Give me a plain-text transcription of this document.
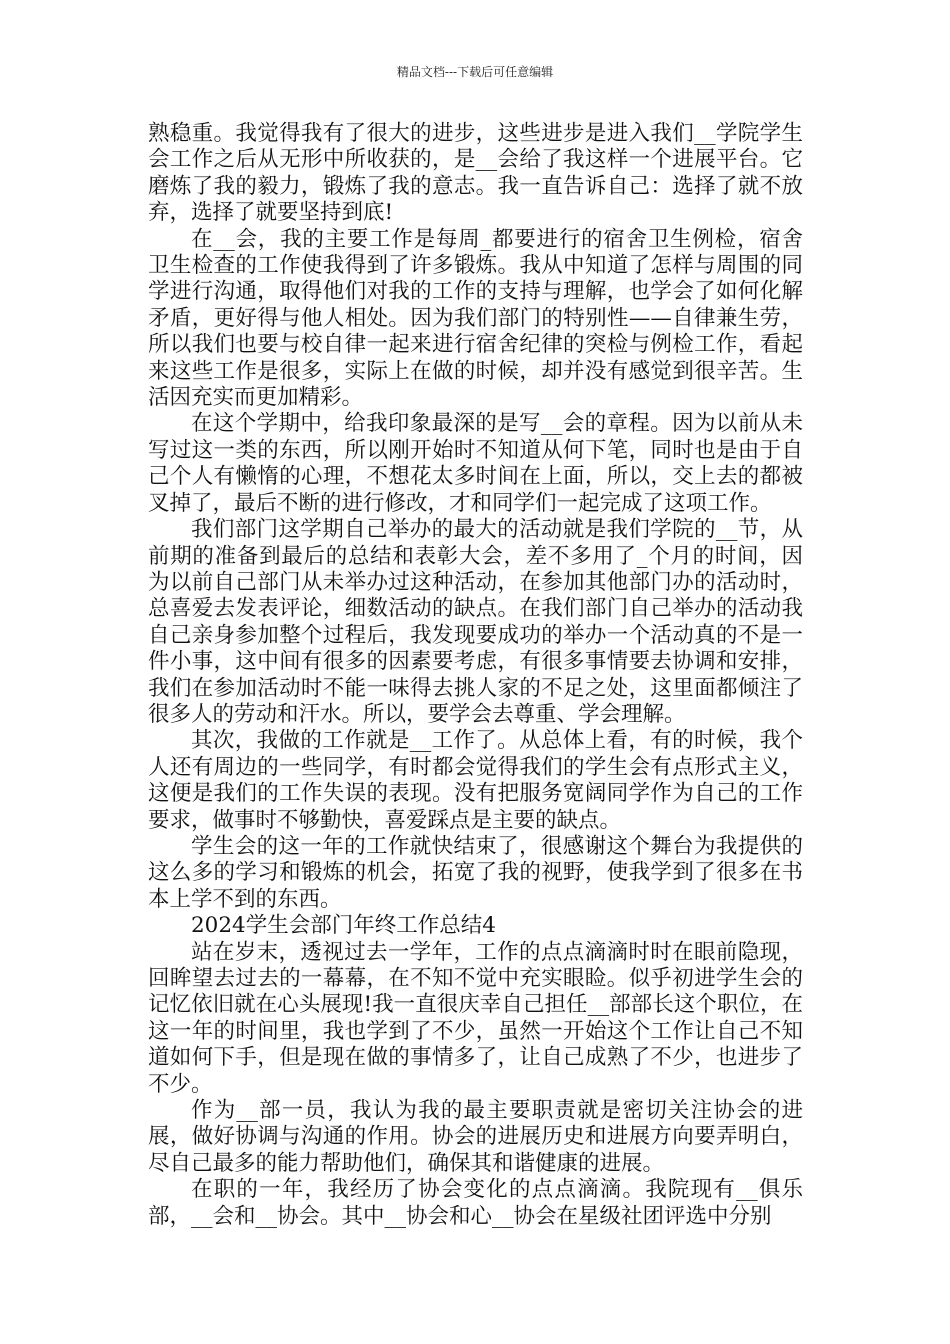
精品文档---下载后可任意编辑

熟稳重。我觉得我有了很大的进步，这些进步是进入我们__学院学生会工作之后从无形中所收获的，是__会给了我这样一个进展平台。它磨炼了我的毅力，锻炼了我的意志。我一直告诉自己：选择了就不放弃，选择了就要坚持到底!

在__会，我的主要工作是每周_都要进行的宿舍卫生例检，宿舍卫生检查的工作使我得到了许多锻炼。我从中知道了怎样与周围的同学进行沟通，取得他们对我的工作的支持与理解，也学会了如何化解矛盾，更好得与他人相处。因为我们部门的特别性——自律兼生劳，所以我们也要与校自律一起来进行宿舍纪律的突检与例检工作，看起来这些工作是很多，实际上在做的时候，却并没有感觉到很辛苦。生活因充实而更加精彩。

在这个学期中，给我印象最深的是写__会的章程。因为以前从未写过这一类的东西，所以刚开始时不知道从何下笔，同时也是由于自己个人有懒惰的心理，不想花太多时间在上面，所以，交上去的都被叉掉了，最后不断的进行修改，才和同学们一起完成了这项工作。

我们部门这学期自己举办的最大的活动就是我们学院的__节，从前期的准备到最后的总结和表彰大会，差不多用了_个月的时间，因为以前自己部门从未举办过这种活动，在参加其他部门办的活动时，总喜爱去发表评论，细数活动的缺点。在我们部门自己举办的活动我自己亲身参加整个过程后，我发现要成功的举办一个活动真的不是一件小事，这中间有很多的因素要考虑，有很多事情要去协调和安排，我们在参加活动时不能一味得去挑人家的不足之处，这里面都倾注了很多人的劳动和汗水。所以，要学会去尊重、学会理解。

其次，我做的工作就是__工作了。从总体上看，有的时候，我个人还有周边的一些同学，有时都会觉得我们的学生会有点形式主义，这便是我们的工作失误的表现。没有把服务宽阔同学作为自己的工作要求，做事时不够勤快，喜爱踩点是主要的缺点。

学生会的这一年的工作就快结束了，很感谢这个舞台为我提供的这么多的学习和锻炼的机会，拓宽了我的视野，使我学到了很多在书本上学不到的东西。

2024学生会部门年终工作总结4

站在岁末，透视过去一学年，工作的点点滴滴时时在眼前隐现，回眸望去过去的一幕幕，在不知不觉中充实眼睑。似乎初进学生会的记忆依旧就在心头展现!我一直很庆幸自己担任__部部长这个职位，在这一年的时间里，我也学到了不少，虽然一开始这个工作让自己不知道如何下手，但是现在做的事情多了，让自己成熟了不少，也进步了不少。

作为__部一员，我认为我的最主要职责就是密切关注协会的进展，做好协调与沟通的作用。协会的进展历史和进展方向要弄明白，尽自己最多的能力帮助他们，确保其和谐健康的进展。

在职的一年，我经历了协会变化的点点滴滴。我院现有__俱乐部，__会和__协会。其中__协会和心__协会在星级社团评选中分别
